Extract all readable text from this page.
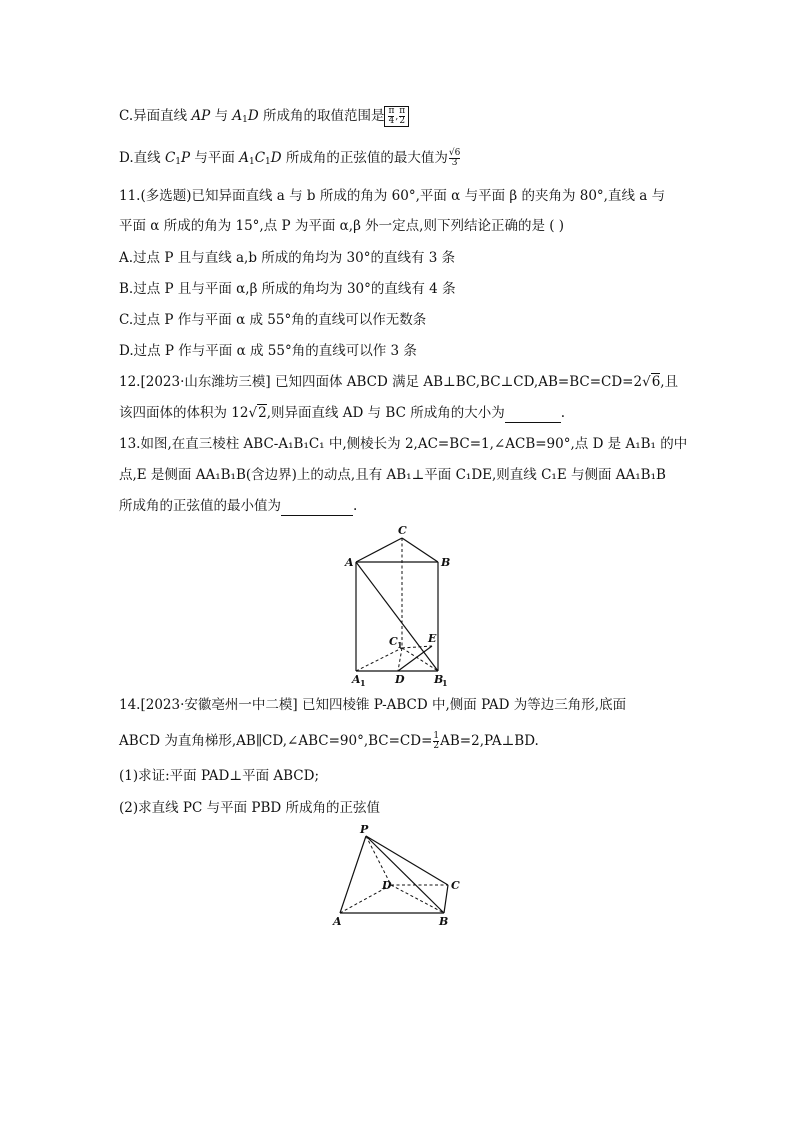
C.异面直线 AP 与 $A_1D$ 所成角的取值范围是 $\frac{\pi}{4}$ , $\frac{\pi}{2}$
D.直线 $C_1P$ 与平面 $A_1C_1D$ 所成角的正弦值的最大值为 $\frac{√6}{3}$
11.(多选题)已知异面直线 a 与 b 所成的角为 60°,平面 α 与平面 β 的夹角为 80°,直线 a 与
平面 α 所成的角为 15°,点 P 为平面 α,β 外一定点,则下列结论正确的是 ( )
A.过点 P 且与直线 a,b 所成的角均为 30°的直线有 3 条
B.过点 P 且与平面 α,β 所成的角均为 30°的直线有 4 条
C.过点 P 作与平面 α 成 55°角的直线可以作无数条
D.过点 P 作与平面 α 成 55°角的直线可以作 3 条
12.[2023·山东潍坊三模] 已知四面体 ABCD 满足 AB⊥BC,BC⊥CD,AB=BC=CD=2√6,且
该四面体的体积为 12√2,则异面直线 AD 与 BC 所成角的大小为	.
13.如图,在直三棱柱 ABC-A₁B₁C₁ 中,侧棱长为 2,AC=BC=1,∠ACB=90°,点 D 是 A₁B₁ 的中
点,E 是侧面 AA₁B₁B(含边界)上的动点,且有 AB₁⊥平面 C₁DE,则直线 C₁E 与侧面 AA₁B₁B
所成角的正弦值的最小值为	.
C
A	B
C 1 E
A 1	D	B
1
14.[2023·安徽亳州一中二模] 已知四棱锥 P-ABCD 中,侧面 PAD 为等边三角形,底面
ABCD 为直角梯形,AB∥CD,∠ABC=90°,BC=CD= $\frac{1}{2}$ AB=2,PA⊥BD.
(1)求证:平面 PAD⊥平面 ABCD;
(2)求直线 PC 与平面 PBD 所成角的正弦值
P
D	C
A	B
